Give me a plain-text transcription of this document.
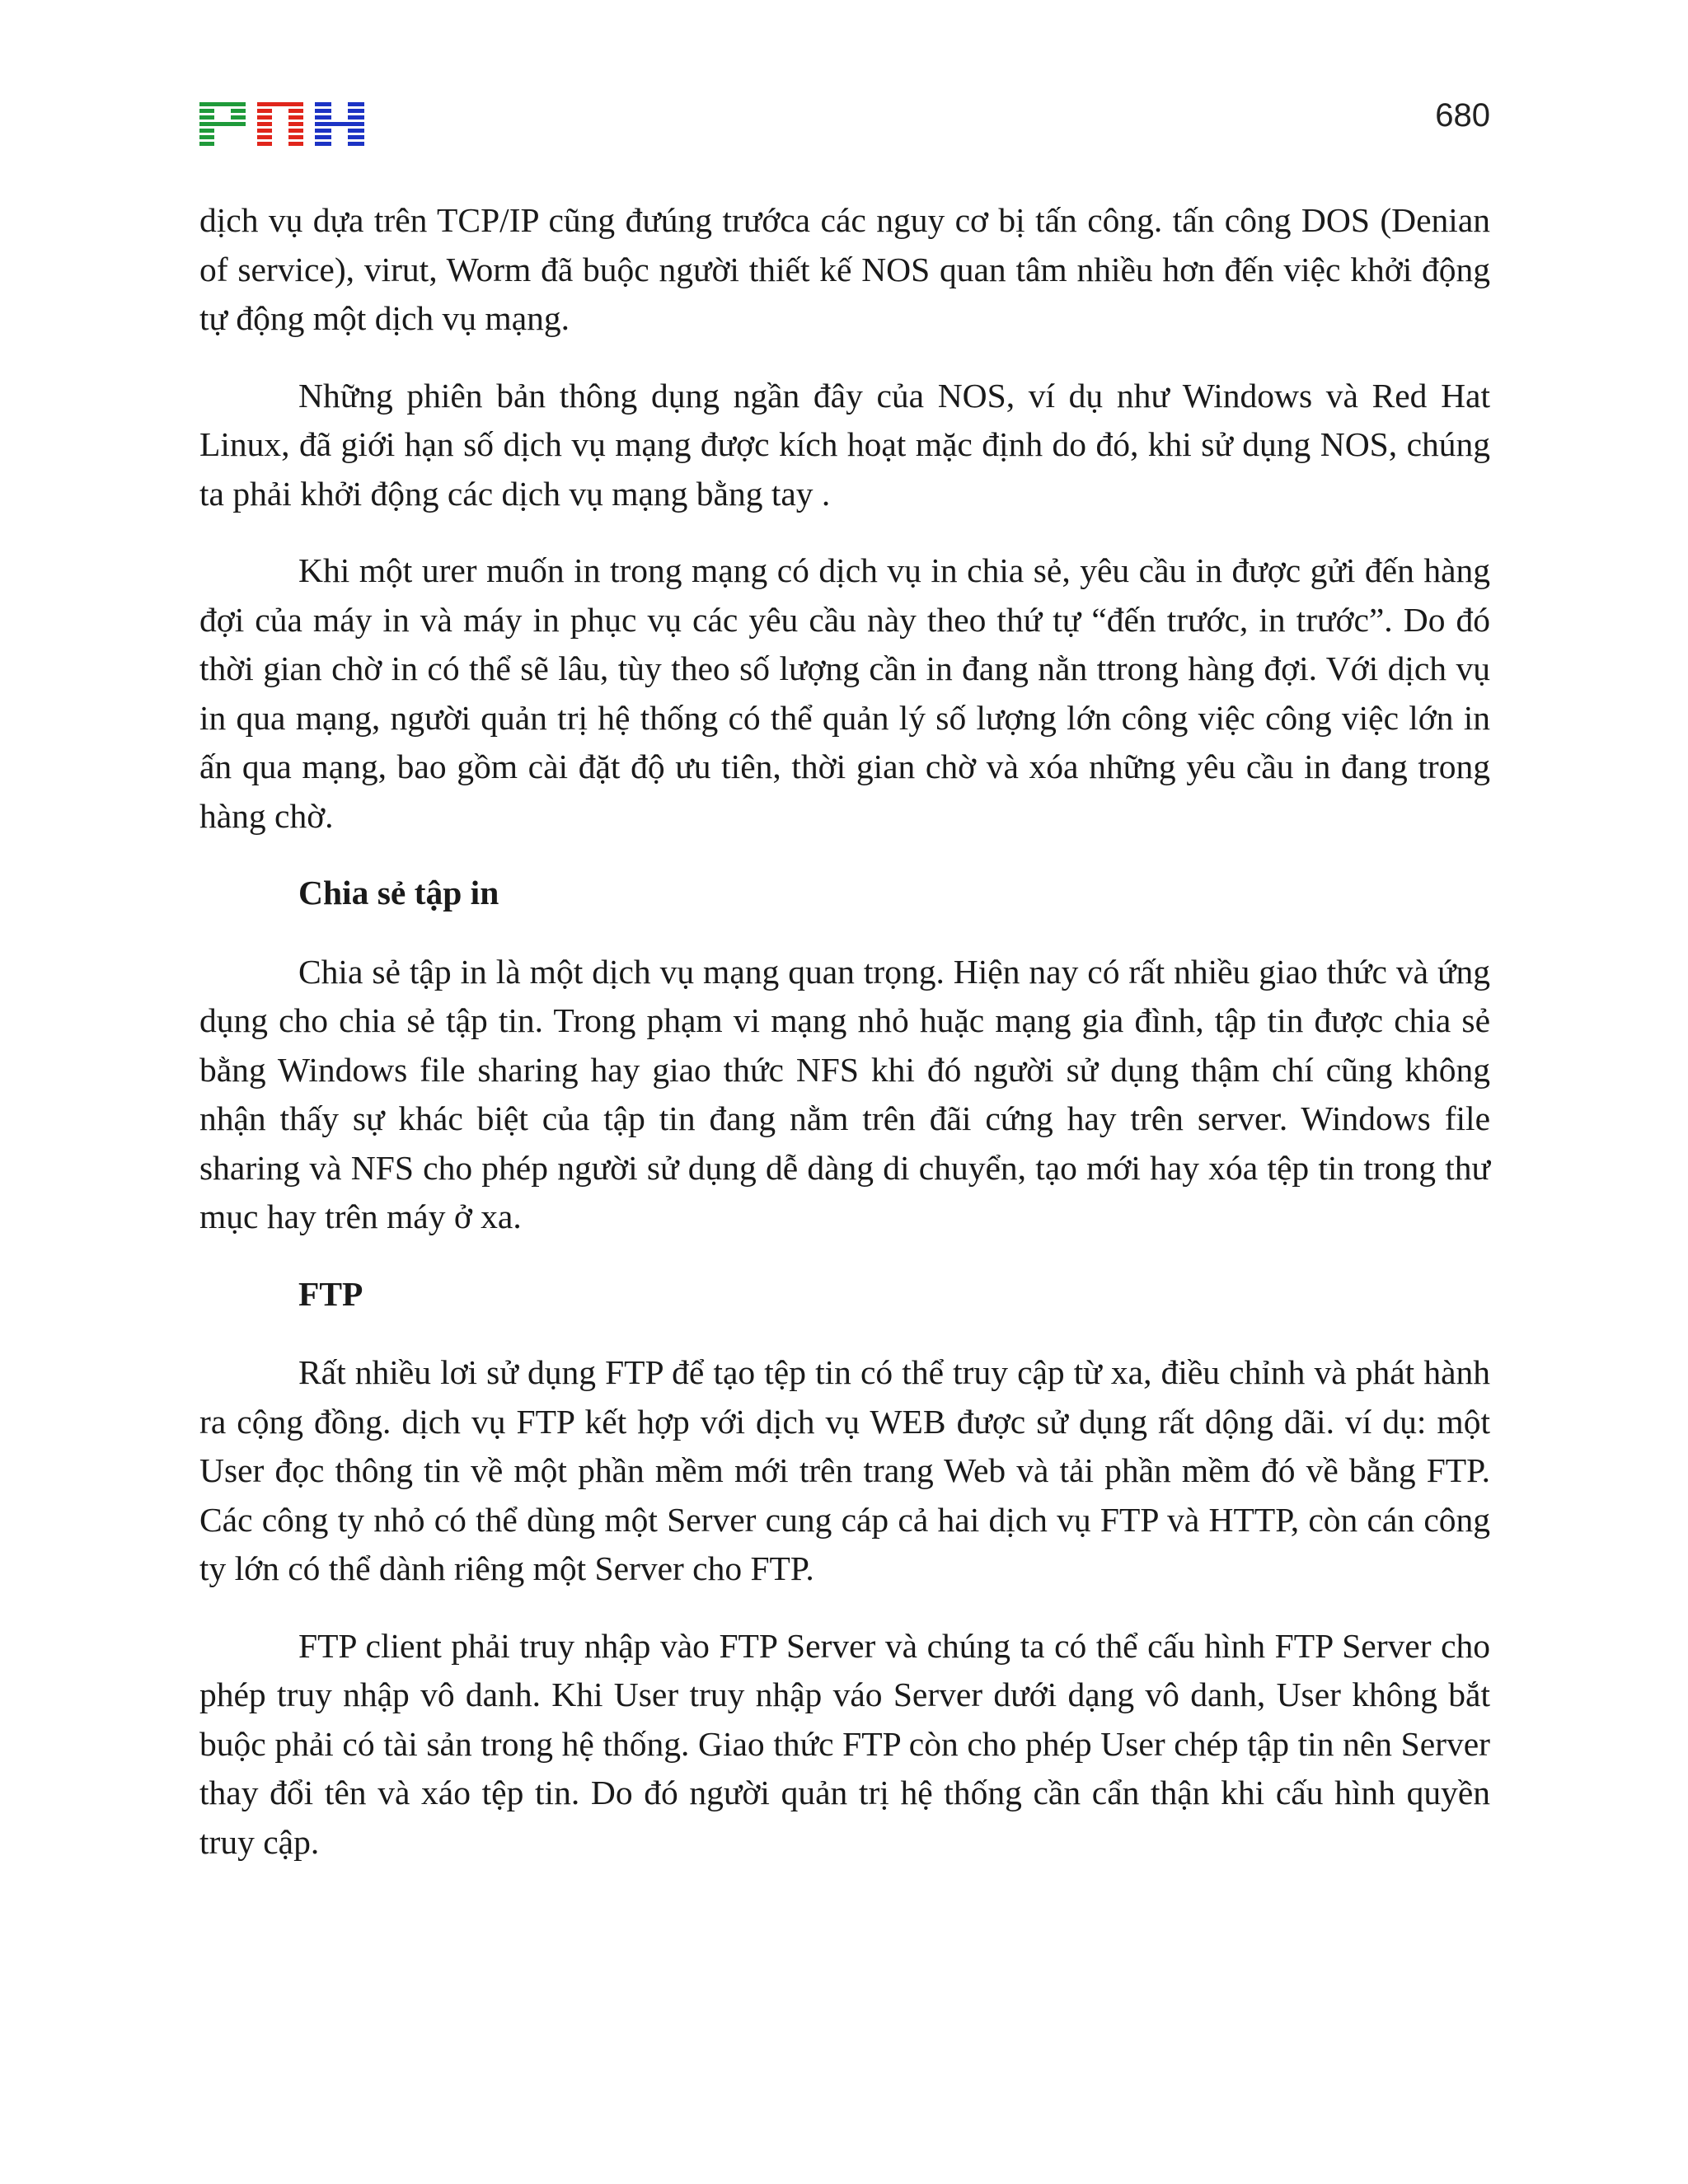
680

dịch vụ dựa trên TCP/IP cũng đưúng trướca các nguy cơ bị tấn công. tấn công DOS (Denian of service), virut, Worm đã buộc người thiết kế NOS quan tâm nhiều hơn đến việc khởi động tự động một dịch vụ mạng.

Những phiên bản thông dụng ngần đây của NOS, ví dụ như Windows và Red Hat Linux, đã giới hạn số dịch vụ mạng được kích hoạt mặc định do đó, khi sử dụng NOS, chúng ta phải khởi động các dịch vụ mạng bằng tay .

Khi một urer muốn in trong mạng có dịch vụ in chia sẻ, yêu cầu in được gửi đến hàng đợi của máy in và máy in phục vụ các yêu cầu này theo thứ tự “đến trước, in trước”. Do đó thời gian chờ in có thể sẽ lâu, tùy theo số lượng cần in đang nằn ttrong hàng đợi. Với dịch vụ in qua mạng, người quản trị hệ thống có thể quản lý số lượng lớn công việc công việc lớn in ấn qua mạng, bao gồm cài đặt độ ưu tiên, thời gian chờ và xóa những yêu cầu in đang trong hàng chờ.

Chia sẻ tập in

Chia sẻ tập in là một dịch vụ mạng quan trọng. Hiện nay có rất nhiều giao thức và ứng dụng cho chia sẻ tập tin. Trong phạm vi mạng nhỏ huặc mạng gia đình, tập tin được chia sẻ bằng Windows file sharing hay giao thức NFS khi đó người sử dụng thậm chí cũng không nhận thấy sự khác biệt của tập tin đang nằm trên đãi cứng hay trên server. Windows file sharing và NFS cho phép người sử dụng dễ dàng di chuyển, tạo mới hay xóa tệp tin trong thư mục hay trên máy ở xa.

FTP

Rất nhiều lơi sử dụng FTP để tạo tệp tin có thể truy cập từ xa, điều chỉnh và phát hành ra cộng đồng. dịch vụ FTP kết hợp với dịch vụ WEB được sử dụng rất dộng dãi. ví dụ: một User đọc thông tin về một phần mềm mới trên trang Web và tải phần mềm đó về bằng FTP. Các công ty nhỏ có thể dùng một Server cung cáp cả hai dịch vụ FTP và HTTP, còn cán công ty lớn có thể dành riêng một Server cho FTP.

FTP client phải truy nhập vào FTP Server và chúng ta có thể cấu hình FTP Server cho phép truy nhập vô danh. Khi User truy nhập váo Server dưới dạng vô danh, User không bắt buộc phải có tài sản trong hệ thống. Giao thức FTP còn cho phép User chép tập tin nên Server thay đổi tên và xáo tệp tin. Do đó người quản trị hệ thống cần cẩn thận khi cấu hình quyền truy cập.
